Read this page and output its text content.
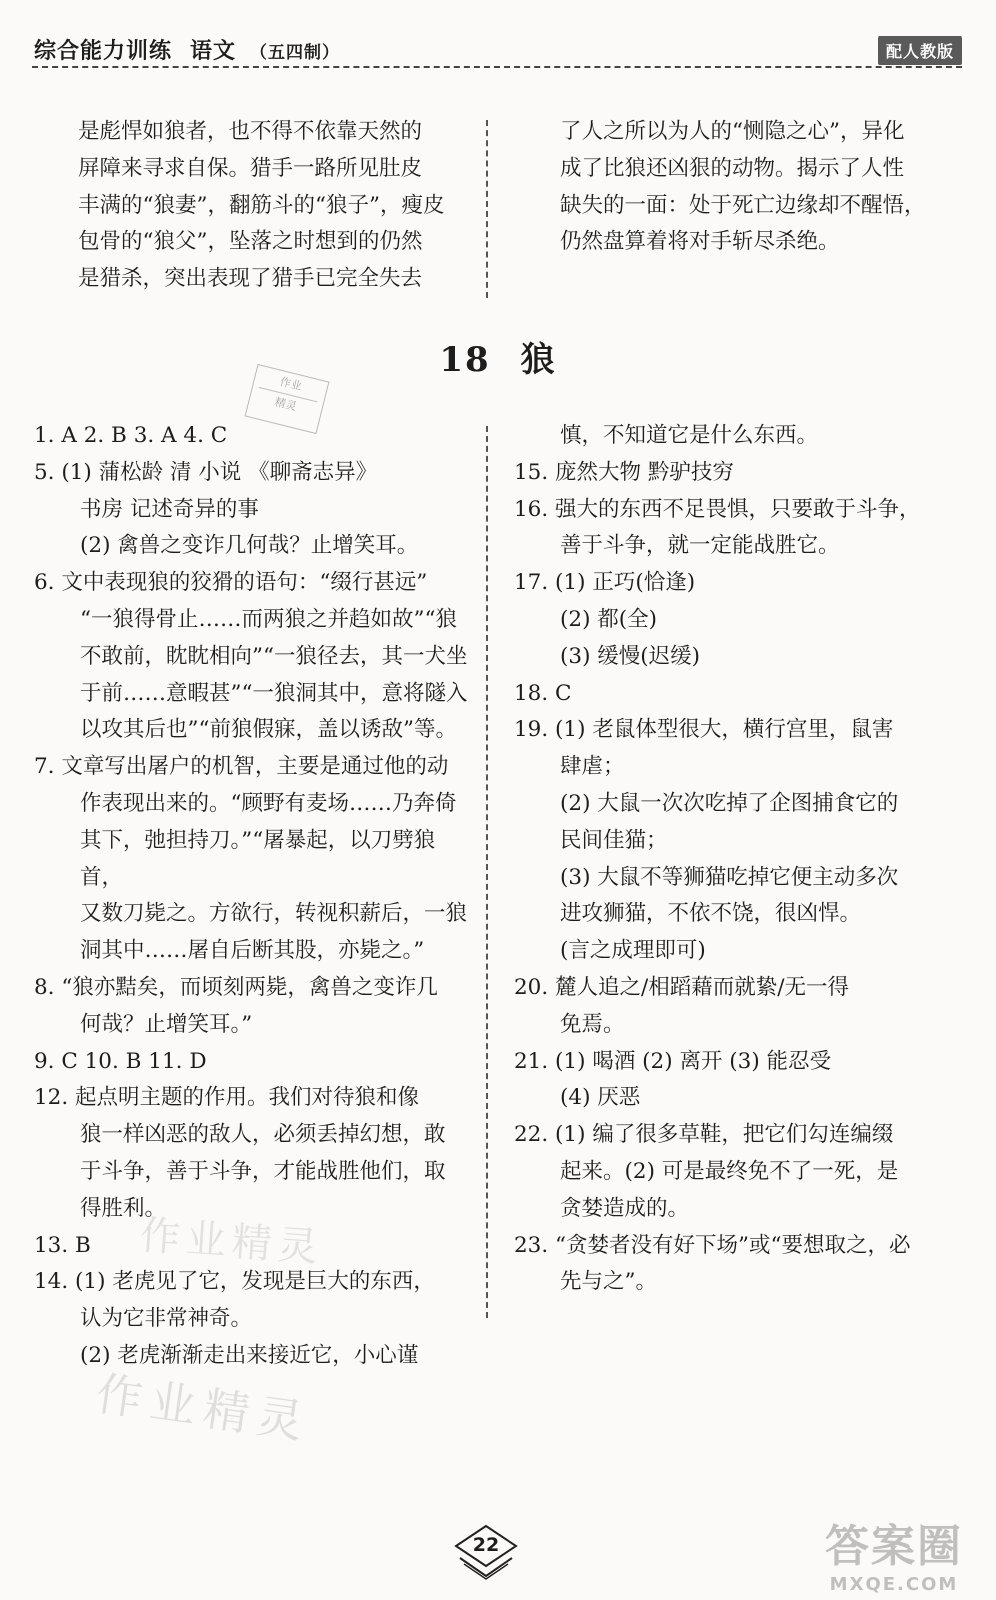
综合能力训练 语文 （五四制）	配人教版

是彪悍如狼者，也不得不依靠天然的

屏障来寻求自保。猎手一路所见肚皮

丰满的“狼妻”，翻筋斗的“狼子”，瘦皮

包骨的“狼父”，坠落之时想到的仍然

是猎杀，突出表现了猎手已完全失去

了人之所以为人的“恻隐之心”，异化

成了比狼还凶狠的动物。揭示了人性

缺失的一面：处于死亡边缘却不醒悟，

仍然盘算着将对手斩尽杀绝。

18 狼
作业
精灵

1. A 2. B 3. A 4. C

5. (1) 蒲松龄 清 小说 《聊斋志异》

书房 记述奇异的事

(2) 禽兽之变诈几何哉？止增笑耳。

6. 文中表现狼的狡猾的语句：“缀行甚远”

“一狼得骨止……而两狼之并趋如故”“狼

不敢前，眈眈相向”“一狼径去，其一犬坐

于前……意暇甚”“一狼洞其中，意将隧入

以攻其后也”“前狼假寐，盖以诱敌”等。

7. 文章写出屠户的机智，主要是通过他的动

作表现出来的。“顾野有麦场……乃奔倚

其下，弛担持刀。”“屠暴起，以刀劈狼首，

又数刀毙之。方欲行，转视积薪后，一狼

洞其中……屠自后断其股，亦毙之。”

8. “狼亦黠矣，而顷刻两毙，禽兽之变诈几

何哉？止增笑耳。”

9. C 10. B 11. D

12. 起点明主题的作用。我们对待狼和像

狼一样凶恶的敌人，必须丢掉幻想，敢

于斗争，善于斗争，才能战胜他们，取

得胜利。

13. B

14. (1) 老虎见了它，发现是巨大的东西，

认为它非常神奇。

(2) 老虎渐渐走出来接近它，小心谨

慎，不知道它是什么东西。

15. 庞然大物 黔驴技穷

16. 强大的东西不足畏惧，只要敢于斗争，

善于斗争，就一定能战胜它。

17. (1) 正巧(恰逢)

(2) 都(全)

(3) 缓慢(迟缓)

18. C

19. (1) 老鼠体型很大，横行宫里，鼠害

肆虐；

(2) 大鼠一次次吃掉了企图捕食它的

民间佳猫；

(3) 大鼠不等狮猫吃掉它便主动多次

进攻狮猫，不依不饶，很凶悍。

(言之成理即可)

20. 麓人追之/相蹈藉而就絷/无一得

免焉。

21. (1) 喝酒 (2) 离开 (3) 能忍受

(4) 厌恶

22. (1) 编了很多草鞋，把它们勾连编缀

起来。(2) 可是最终免不了一死，是

贪婪造成的。

23. “贪婪者没有好下场”或“要想取之，必

先与之”。

作业精灵
作业精灵
答案圈
MXQE.COM
22
